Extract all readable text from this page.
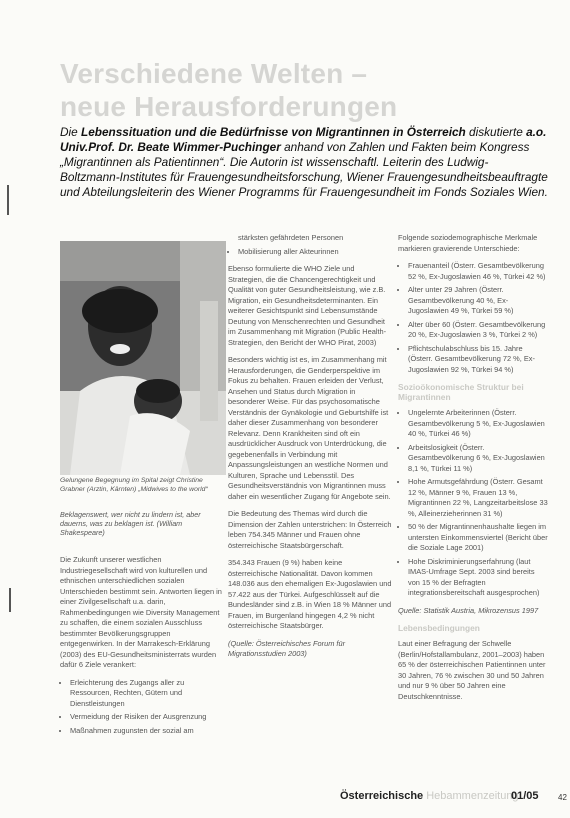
Verschiedene Welten –
neue Herausforderungen
Die Lebenssituation und die Bedürfnisse von Migrantinnen in Österreich diskutierte a.o. Univ.Prof. Dr. Beate Wimmer-Puchinger anhand von Zahlen und Fakten beim Kongress „Migrantinnen als Patientinnen“. Die Autorin ist wissenschaftl. Leiterin des Ludwig-Boltzmann-Institutes für Frauengesundheitsforschung, Wiener Frauengesundheitsbeauftragte und Abteilungsleiterin des Wiener Programms für Frauengesundheit im Fonds Soziales Wien.
Gelungene Begegnung im Spital zeigt Christine Grabner (Arztin, Kärnten) „Midwives to the world“
Beklagenswert, wer nicht zu lindern ist, aber dauerns, was zu beklagen ist. (William Shakespeare)

Die Zukunft unserer westlichen Industriegesellschaft wird von kulturellen und ethnischen unterschiedlichen sozialen Unterschieden bestimmt sein. Antworten liegen in einer Zivilgesellschaft u.a. darin, Rahmenbedingungen wie Diversity Management zu schaffen, die einem sozialen Ausschluss bestimmter Bevölkerungsgruppen entgegenwirken. In der Marrakesch-Erklärung (2003) des EU-Gesundheitsministerrats wurden dafür 6 Ziele verankert:

• Erleichterung des Zugangs aller zu Ressourcen, Rechten, Gütern und Dienstleistungen
• Vermeidung der Risiken der Ausgrenzung
• Maßnahmen zugunsten der sozial am
stärksten gefährdeten Personen
• Mobilisierung aller Akteurinnen

Ebenso formulierte die WHO Ziele und Strategien, die die Chancengerechtigkeit und Qualität von guter Gesundheitsleistung, wie z.B. Migration, ein Gesundheitsdeterminanten. Ein weiterer Gesichtspunkt sind Lebensumstände Deutung von Menschenrechten und Gesundheit im Zusammenhang mit Migration (Public Health-Strategien, den Bericht der WHO Pirat, 2003)

Besonders wichtig ist es, im Zusammenhang mit Herausforderungen, die Genderperspektive im Fokus zu behalten. Frauen erleiden der Verlust, Ansehen und Status durch Migration in besonderer Weise. Für das psychosomatische Verständnis der Gynäkologie und Geburtshilfe ist daher dieser Zusammenhang von besonderer Relevanz. Denn Krankheiten sind oft ein ausdrücklicher Ausdruck von Unterdrückung, die gegebenenfalls in Verbindung mit Anpassungsleistungen an westliche Normen und Kulturen, Sprache und Lebensstil. Des Gesundheitsverständnis von Migrantinnen muss daher ein wesentlicher Zugang für Angebote sein.

Die Bedeutung des Themas wird durch die Dimension der Zahlen unterstrichen: In Österreich leben 754.345 Männer und Frauen ohne österreichische Staatsbürgerschaft.

354.343 Frauen (9 %) haben keine österreichische Nationalität. Davon kommen 148.036 aus den ehemaligen Ex-Jugoslawien und 57.422 aus der Türkei. Aufgeschlüsselt auf die Bundesländer sind z.B. in Wien 18 % Männer und Frauen, im Burgenland hingegen 4,2 % nicht österreichische Staatsbürger.

(Quelle: Österreichisches Forum für Migrationsstudien 2003)

Folgende soziodemographische Merkmale markieren gravierende Unterschiede:

• Frauenanteil (Österr. Gesamtbevölkerung 52 %, Ex-Jugoslawien 46 %, Türkei 42 %)
• Alter unter 29 Jahren (Österr. Gesamtbevölkerung 40 %, Ex-Jugoslawien 49 %, Türkei 59 %)
• Alter über 60 (Österr. Gesamtbevölkerung 20 %, Ex-Jugoslawien 3 %, Türkei 2 %)
• Pflichtschulabschluss bis 15. Jahre (Österr. Gesamtbevölkerung 72 %, Ex-Jugoslawien 92 %, Türkei 94 %)
Sozioökonomische Struktur bei Migrantinnen
• Ungelernte Arbeiterinnen (Österr. Gesamtbevölkerung 5 %, Ex-Jugoslawien 40 %, Türkei 46 %)
• Arbeitslosigkeit (Österr. Gesamtbevölkerung 6 %, Ex-Jugoslawien 8,1 %, Türkei 11 %)
• Hohe Armutsgefährdung (Österr. Gesamt 12 %, Männer 9 %, Frauen 13 %, Migrantinnen 22 %, Langzeitarbeitslose 33 %, Alleinerzieherinnen 31 %)
• 50 % der Migrantinnenhaushalte liegen im untersten Einkommensviertel (Bericht über die Soziale Lage 2001)
• Hohe Diskriminierungserfahrung (laut IMAS-Umfrage Sept. 2003 sind bereits von 15 % der Befragten integrationsbereitschaft ausgesprochen)

Quelle: Statistik Austria, Mikrozensus 1997

Lebensbedingungen

Laut einer Befragung der Schwelle (Berlin/Hofstallambulanz, 2001–2003) haben 65 % der österreichischen Patientinnen unter 30 Jahren, 76 % zwischen 30 und 50 Jahren und nur 9 % über 50 Jahren eine Deutschkenntnisse.

Österreichische Hebammenzeitung
01/05 42
